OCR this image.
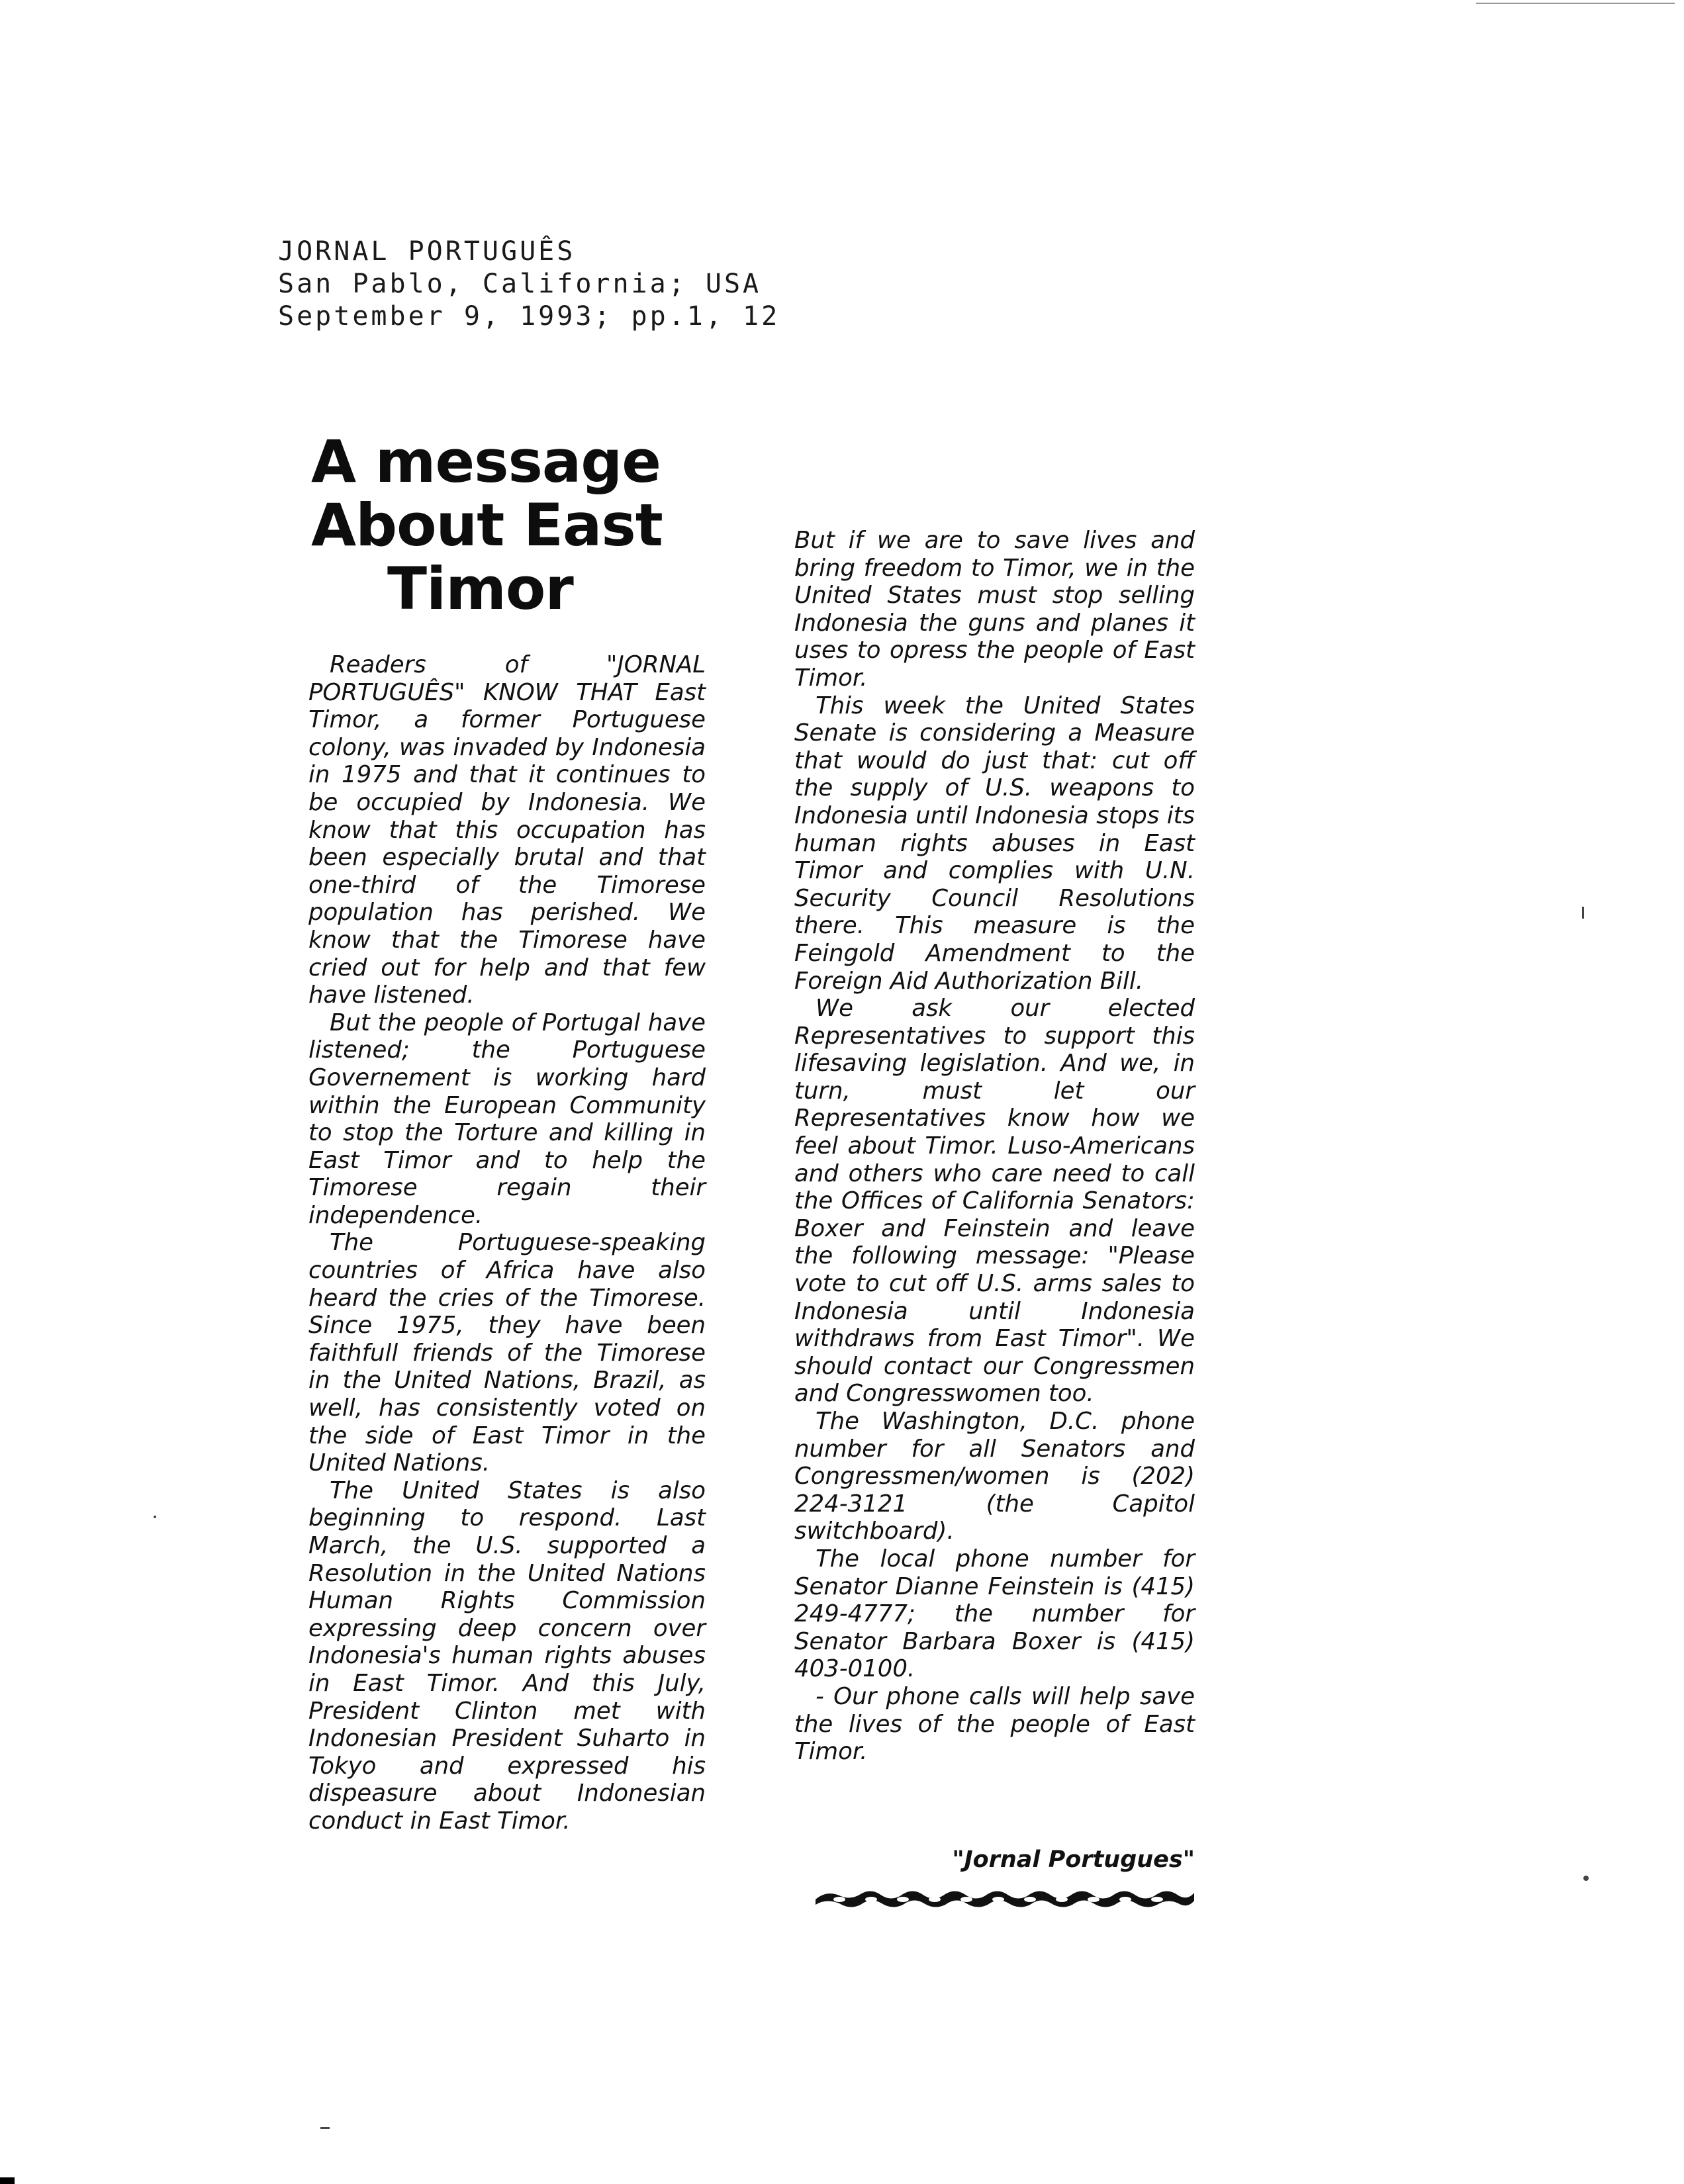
JORNAL PORTUGUÊS
San Pablo, California; USA
September 9, 1993; pp.1, 12
A message
About East
Timor

Readers of "JORNAL PORTUGUÊS" KNOW THAT East Timor, a former Portuguese colony, was invaded by Indonesia in 1975 and that it continues to be occupied by Indonesia. We know that this occupation has been especially brutal and that one-third of the Timorese population has perished. We know that the Timorese have cried out for help and that few have listened.

But the people of Portugal have listened; the Portuguese Governement is working hard within the European Community to stop the Torture and killing in East Timor and to help the Timorese regain their independence.

The Portuguese-speaking countries of Africa have also heard the cries of the Timorese. Since 1975, they have been faithfull friends of the Timorese in the United Nations, Brazil, as well, has consistently voted on the side of East Timor in the United Nations.

The United States is also beginning to respond. Last March, the U.S. supported a Resolution in the United Nations Human Rights Commission expressing deep concern over Indonesia's human rights abuses in East Timor. And this July, President Clinton met with Indonesian President Suharto in Tokyo and expressed his dispeasure about Indonesian conduct in East Timor.

But if we are to save lives and bring freedom to Timor, we in the United States must stop selling Indonesia the guns and planes it uses to opress the people of East Timor.

This week the United States Senate is considering a Measure that would do just that: cut off the supply of U.S. weapons to Indonesia until Indonesia stops its human rights abuses in East Timor and complies with U.N. Security Council Resolutions there. This measure is the Feingold Amendment to the Foreign Aid Authorization Bill.

We ask our elected Representatives to support this lifesaving legislation. And we, in turn, must let our Representatives know how we feel about Timor. Luso-Americans and others who care need to call the Offices of California Senators: Boxer and Feinstein and leave the following message: "Please vote to cut off U.S. arms sales to Indonesia until Indonesia withdraws from East Timor". We should contact our Congressmen and Congresswomen too.

The Washington, D.C. phone number for all Senators and Congressmen/women is (202) 224-3121 (the Capitol switchboard).

The local phone number for Senator Dianne Feinstein is (415) 249-4777; the number for Senator Barbara Boxer is (415) 403-0100.

- Our phone calls will help save the lives of the people of East Timor.

"Jornal Portugues"
